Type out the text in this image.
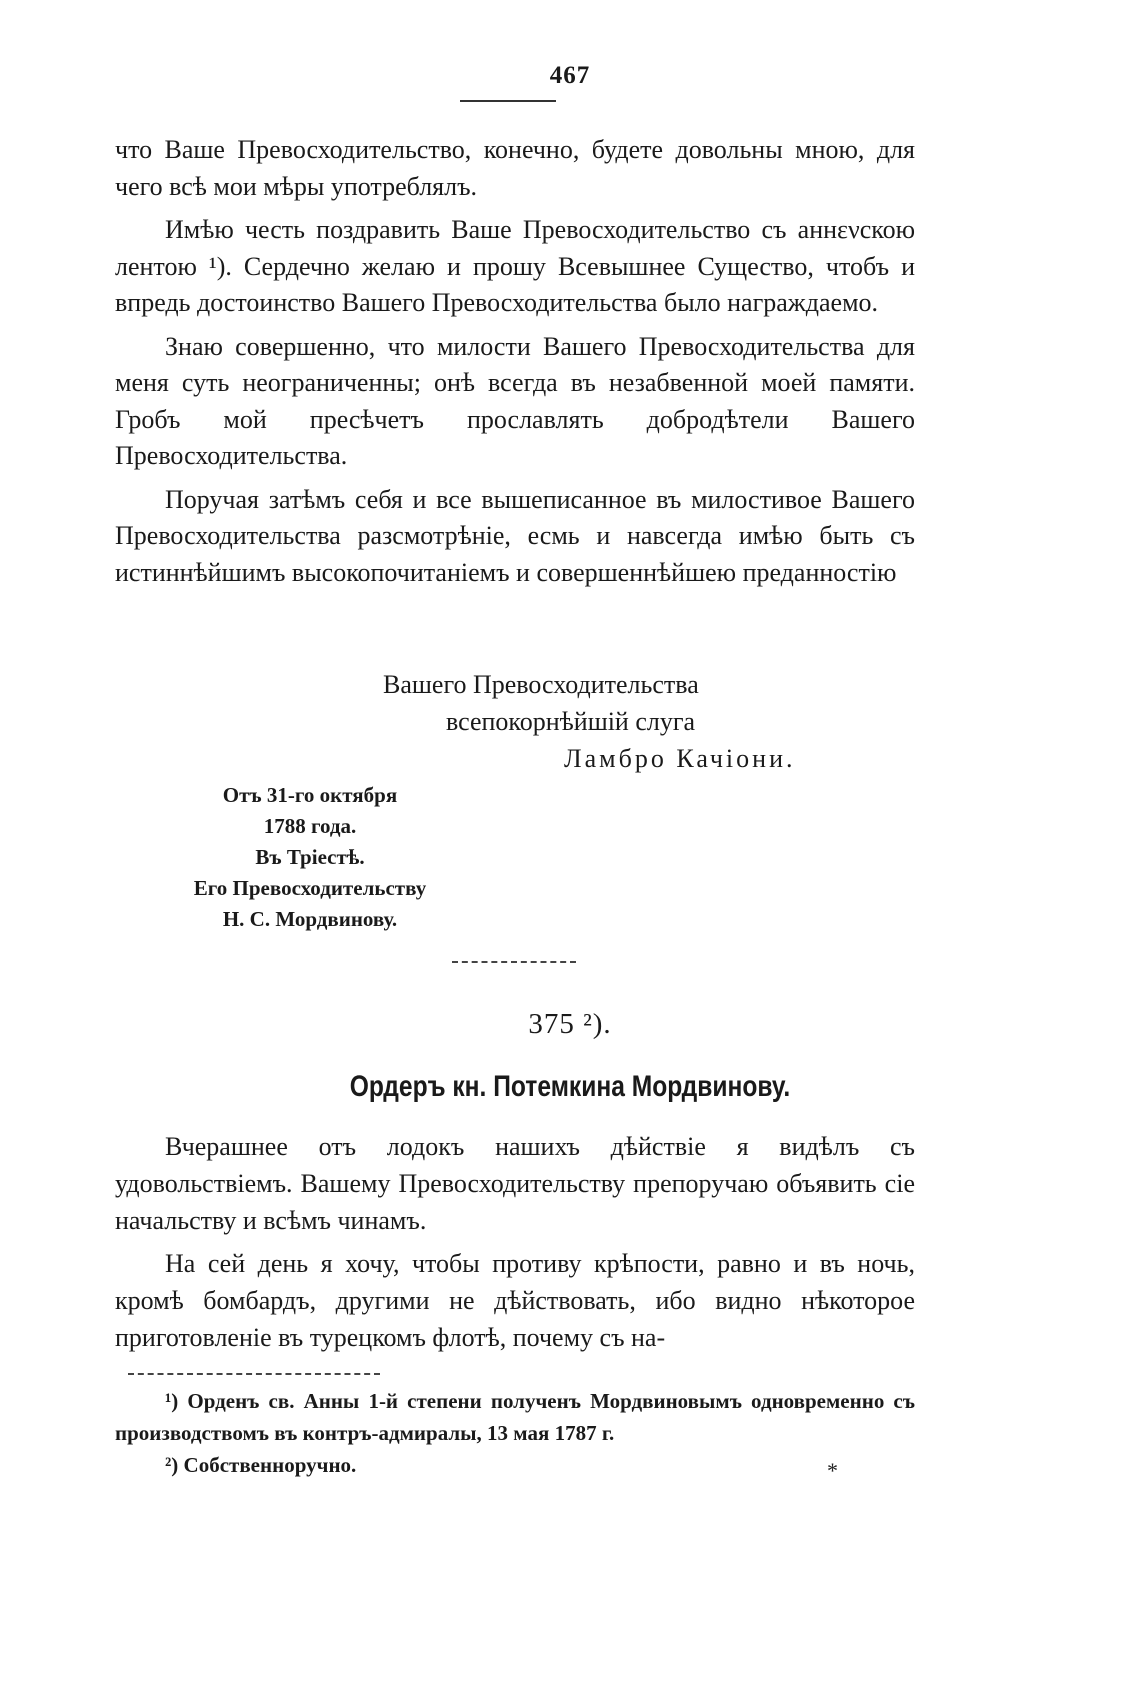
467

что Ваше Превосходительство, конечно, будете довольны мною, для чего всѣ мои мѣры употреблялъ.

Имѣю честь поздравить Ваше Превосходительство съ аннενскою лентою ¹). Сердечно желаю и прошу Всевышнее Существо, чтобъ и впредь достоинство Вашего Превосходительства было награждаемо.

Знаю совершенно, что милости Вашего Превосходительства для меня суть неограниченны; онѣ всегда въ незабвенной моей памяти. Гробъ мой пресѣчетъ прославлять добродѣтели Вашего Превосходительства.

Поручая затѣмъ себя и все вышеписанное въ милостивое Вашего Превосходительства разсмотрѣніе, есмь и навсегда имѣю быть съ истиннѣйшимъ высокопочитаніемъ и совершеннѣйшею преданностію

Вашего Превосходительства
всепокорнѣйшій слуга
Ламбро Качіони.
Отъ 31-го октября
1788 года.
Въ Тріестѣ.
Его Превосходительству
Н. С. Мордвинову.
375 ²).
Ордеръ кн. Потемкина Мордвинову.

Вчерашнее отъ лодокъ нашихъ дѣйствіе я видѣлъ съ удовольствіемъ. Вашему Превосходительству препоручаю объявить сіе начальству и всѣмъ чинамъ.

На сей день я хочу, чтобы противу крѣпости, равно и въ ночь, кромѣ бомбардъ, другими не дѣйствовать, ибо видно нѣкоторое приготовленіе въ турецкомъ флотѣ, почему съ на-

¹) Орденъ св. Анны 1-й степени полученъ Мордвиновымъ одновременно съ производствомъ въ контръ-адмиралы, 13 мая 1787 г.

²) Собственноручно.	*
